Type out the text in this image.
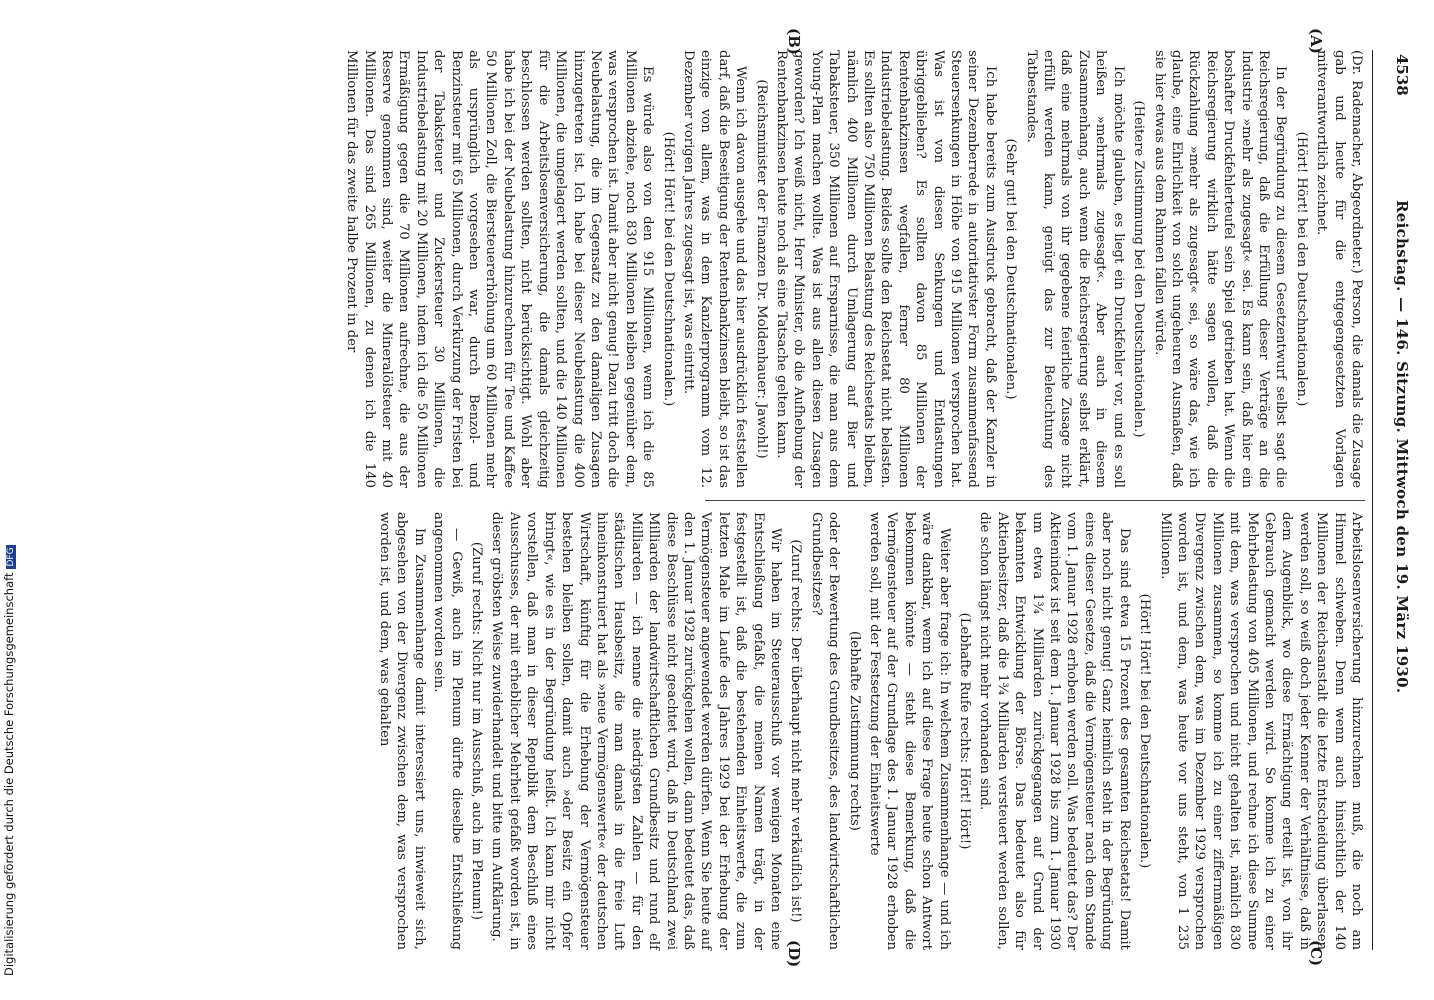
4538
Reichstag. — 146. Sitzung. Mittwoch den 19. März 1930.
(A)
(B)
(C)
(D)

(Dr. Rademacher, Abgeordneter.) Person, die damals die Zusage gab und heute für die entgegengesetzten Vorlagen mitverantwortlich zeichnet.

(Hört! Hört! bei den Deutschnationalen.)

In der Begründung zu diesem Gesetzentwurf selbst sagt die Reichsregierung, daß die Erfüllung dieser Verträge an die Industrie »mehr als zugesagt« sei. Es kann sein, daß hier ein boshafter Druckfehlerteufel sein Spiel getrieben hat. Wenn die Reichsregierung wirklich hätte sagen wollen, daß die Rückzahlung »mehr als zugesagt« sei, so wäre das, wie ich glaube, eine Ehrlichkeit von solch ungeheuren Ausmaßen, daß sie hier etwas aus dem Rahmen fallen würde.

(Heitere Zustimmung bei den Deutschnationalen.)

Ich möchte glauben, es liegt ein Druckfehler vor, und es soll heißen »mehrmals zugesagt«. Aber auch in diesem Zusammenhang, auch wenn die Reichsregierung selbst erklärt, daß eine mehrmals von ihr gegebene feierliche Zusage nicht erfüllt werden kann, genügt das zur Beleuchtung des Tatbestandes.

(Sehr gut! bei den Deutschnationalen.)

Ich habe bereits zum Ausdruck gebracht, daß der Kanzler in seiner Dezemberrede in autoritativster Form zusammenfassend Steuersenkungen in Höhe von 915 Millionen versprochen hat. Was ist von diesen Senkungen und Entlastungen übriggeblieben? Es sollten davon 85 Millionen der Rentenbankzinsen wegfallen, ferner 80 Millionen Industriebelastung. Beides sollte den Reichsetat nicht belasten. Es sollten also 750 Millionen Belastung des Reichsetats bleiben, nämlich 400 Millionen durch Umlagerung auf Bier und Tabaksteuer, 350 Millionen auf Ersparnisse, die man aus dem Young-Plan machen wollte. Was ist aus allen diesen Zusagen geworden? Ich weiß nicht, Herr Minister, ob die Aufhebung der Rentenbankzinsen heute noch als eine Tatsache gelten kann.

(Reichsminister der Finanzen Dr. Moldenhauer: Jawohl!)

Wenn ich davon ausgehe und das hier ausdrücklich feststellen darf, daß die Beseitigung der Rentenbankzinsen bleibt, so ist das einzige von allem, was in dem Kanzlerprogramm vom 12. Dezember vorigen Jahres zugesagt ist, was eintritt.

(Hört! Hört! bei den Deutschnationalen.)

Es würde also von den 915 Millionen, wenn ich die 85 Millionen abziehe, noch 830 Millionen bleiben gegenüber dem, was versprochen ist. Damit aber nicht genug! Dazu tritt doch die Neubelastung, die im Gegensatz zu den damaligen Zusagen hinzugetreten ist. Ich habe bei dieser Neubelastung die 400 Millionen, die umgelagert werden sollten, und die 140 Millionen für die Arbeitslosenversicherung, die damals gleichzeitig beschlossen werden sollten, nicht berücksichtigt. Wohl aber habe ich bei der Neubelastung hinzurechnen für Tee und Kaffee 50 Millionen Zoll, die Biersteuererhöhung um 60 Millionen mehr als ursprünglich vorgesehen war, durch Benzol- und Benzinsteuer mit 65 Millionen, durch Verkürzung der Fristen bei der Tabaksteuer und Zuckersteuer 30 Millionen, die Industriebelastung mit 20 Millionen, indem ich die 50 Millionen Ermäßigung gegen die 70 Millionen aufrechne, die aus der Reserve genommen sind, weiter die Mineralölsteuer mit 40 Millionen. Das sind 265 Millionen, zu denen ich die 140 Millionen für das zweite halbe Prozent in der

Arbeitslosenversicherung hinzurechnen muß, die noch am Himmel schweben. Denn wenn auch hinsichtlich der 140 Millionen der Reichsanstalt die letzte Entscheidung überlassen werden soll, so weiß doch jeder Kenner der Verhältnisse, daß in dem Augenblick, wo diese Ermächtigung erteilt ist, von ihr Gebrauch gemacht werden wird. So komme ich zu einer Mehrbelastung von 405 Millionen, und rechne ich diese Summe mit dem, was versprochen und nicht gehalten ist, nämlich 830 Millionen zusammen, so komme ich zu einer ziffernmäßigen Divergenz zwischen dem, was im Dezember 1929 versprochen worden ist, und dem, was heute vor uns steht, von 1 235 Millionen.

(Hört! Hört! bei den Deutschnationalen.)

Das sind etwa 15 Prozent des gesamten Reichsetats! Damit aber noch nicht genug! Ganz heimlich steht in der Begründung eines dieser Gesetze, daß die Vermögensteuer nach dem Stande vom 1. Januar 1928 erhoben werden soll. Was bedeutet das? Der Aktienindex ist seit dem 1. Januar 1928 bis zum 1. Januar 1930 um etwa 1¾ Milliarden zurückgegangen auf Grund der bekannten Entwicklung der Börse. Das bedeutet also für Aktienbesitzer, daß die 1¾ Milliarden versteuert werden sollen, die schon längst nicht mehr vorhanden sind.

(Lebhafte Rufe rechts: Hört! Hört!)

Weiter aber frage ich: In welchem Zusammenhange — und ich wäre dankbar, wenn ich auf diese Frage heute schon Antwort bekommen könnte — steht diese Bemerkung, daß die Vermögensteuer auf der Grundlage des 1. Januar 1928 erhoben werden soll, mit der Festsetzung der Einheitswerte

(lebhafte Zustimmung rechts)

oder der Bewertung des Grundbesitzes, des landwirtschaftlichen Grundbesitzes?

(Zuruf rechts: Der überhaupt nicht mehr verkäuflich ist!)

Wir haben im Steuerausschuß vor wenigen Monaten eine Entschließung gefaßt, die meinen Namen trägt, in der festgestellt ist, daß die bestehenden Einheitswerte, die zum letzten Male im Laufe des Jahres 1929 bei der Erhebung der Vermögensteuer angewendet werden dürfen. Wenn Sie heute auf den 1. Januar 1928 zurückgehen wollen, dann bedeutet das, daß diese Beschlüsse nicht geachtet wird, daß in Deutschland zwei Milliarden der landwirtschaftlichen Grundbesitz und rund elf Milliarden — ich nenne die niedrigsten Zahlen — für den städtischen Hausbesitz, die man damals in die freie Luft hineinkonstruiert hat als »neue Vermögenswerte« der deutschen Wirtschaft, künftig für die Erhebung der Vermögensteuer bestehen bleiben sollen, damit auch »der Besitz ein Opfer bringt«, wie es in der Begründung heißt. Ich kann mir nicht vorstellen, daß man in dieser Republik dem Beschluß eines Ausschusses, der mit erheblicher Mehrheit gefaßt worden ist, in dieser gröbsten Weise zuwiderhandelt und bitte um Aufklärung.

(Zuruf rechts: Nicht nur im Ausschuß, auch im Plenum!)

— Gewiß, auch im Plenum dürfte dieselbe Entschließung angenommen worden sein.

Im Zusammenhange damit interessiert uns, inwieweit sich, abgesehen von der Divergenz zwischen dem, was versprochen worden ist, und dem, was gehalten

Digitalisierung gefördert durch die Deutsche ForschungsgemeinschaftDFG
